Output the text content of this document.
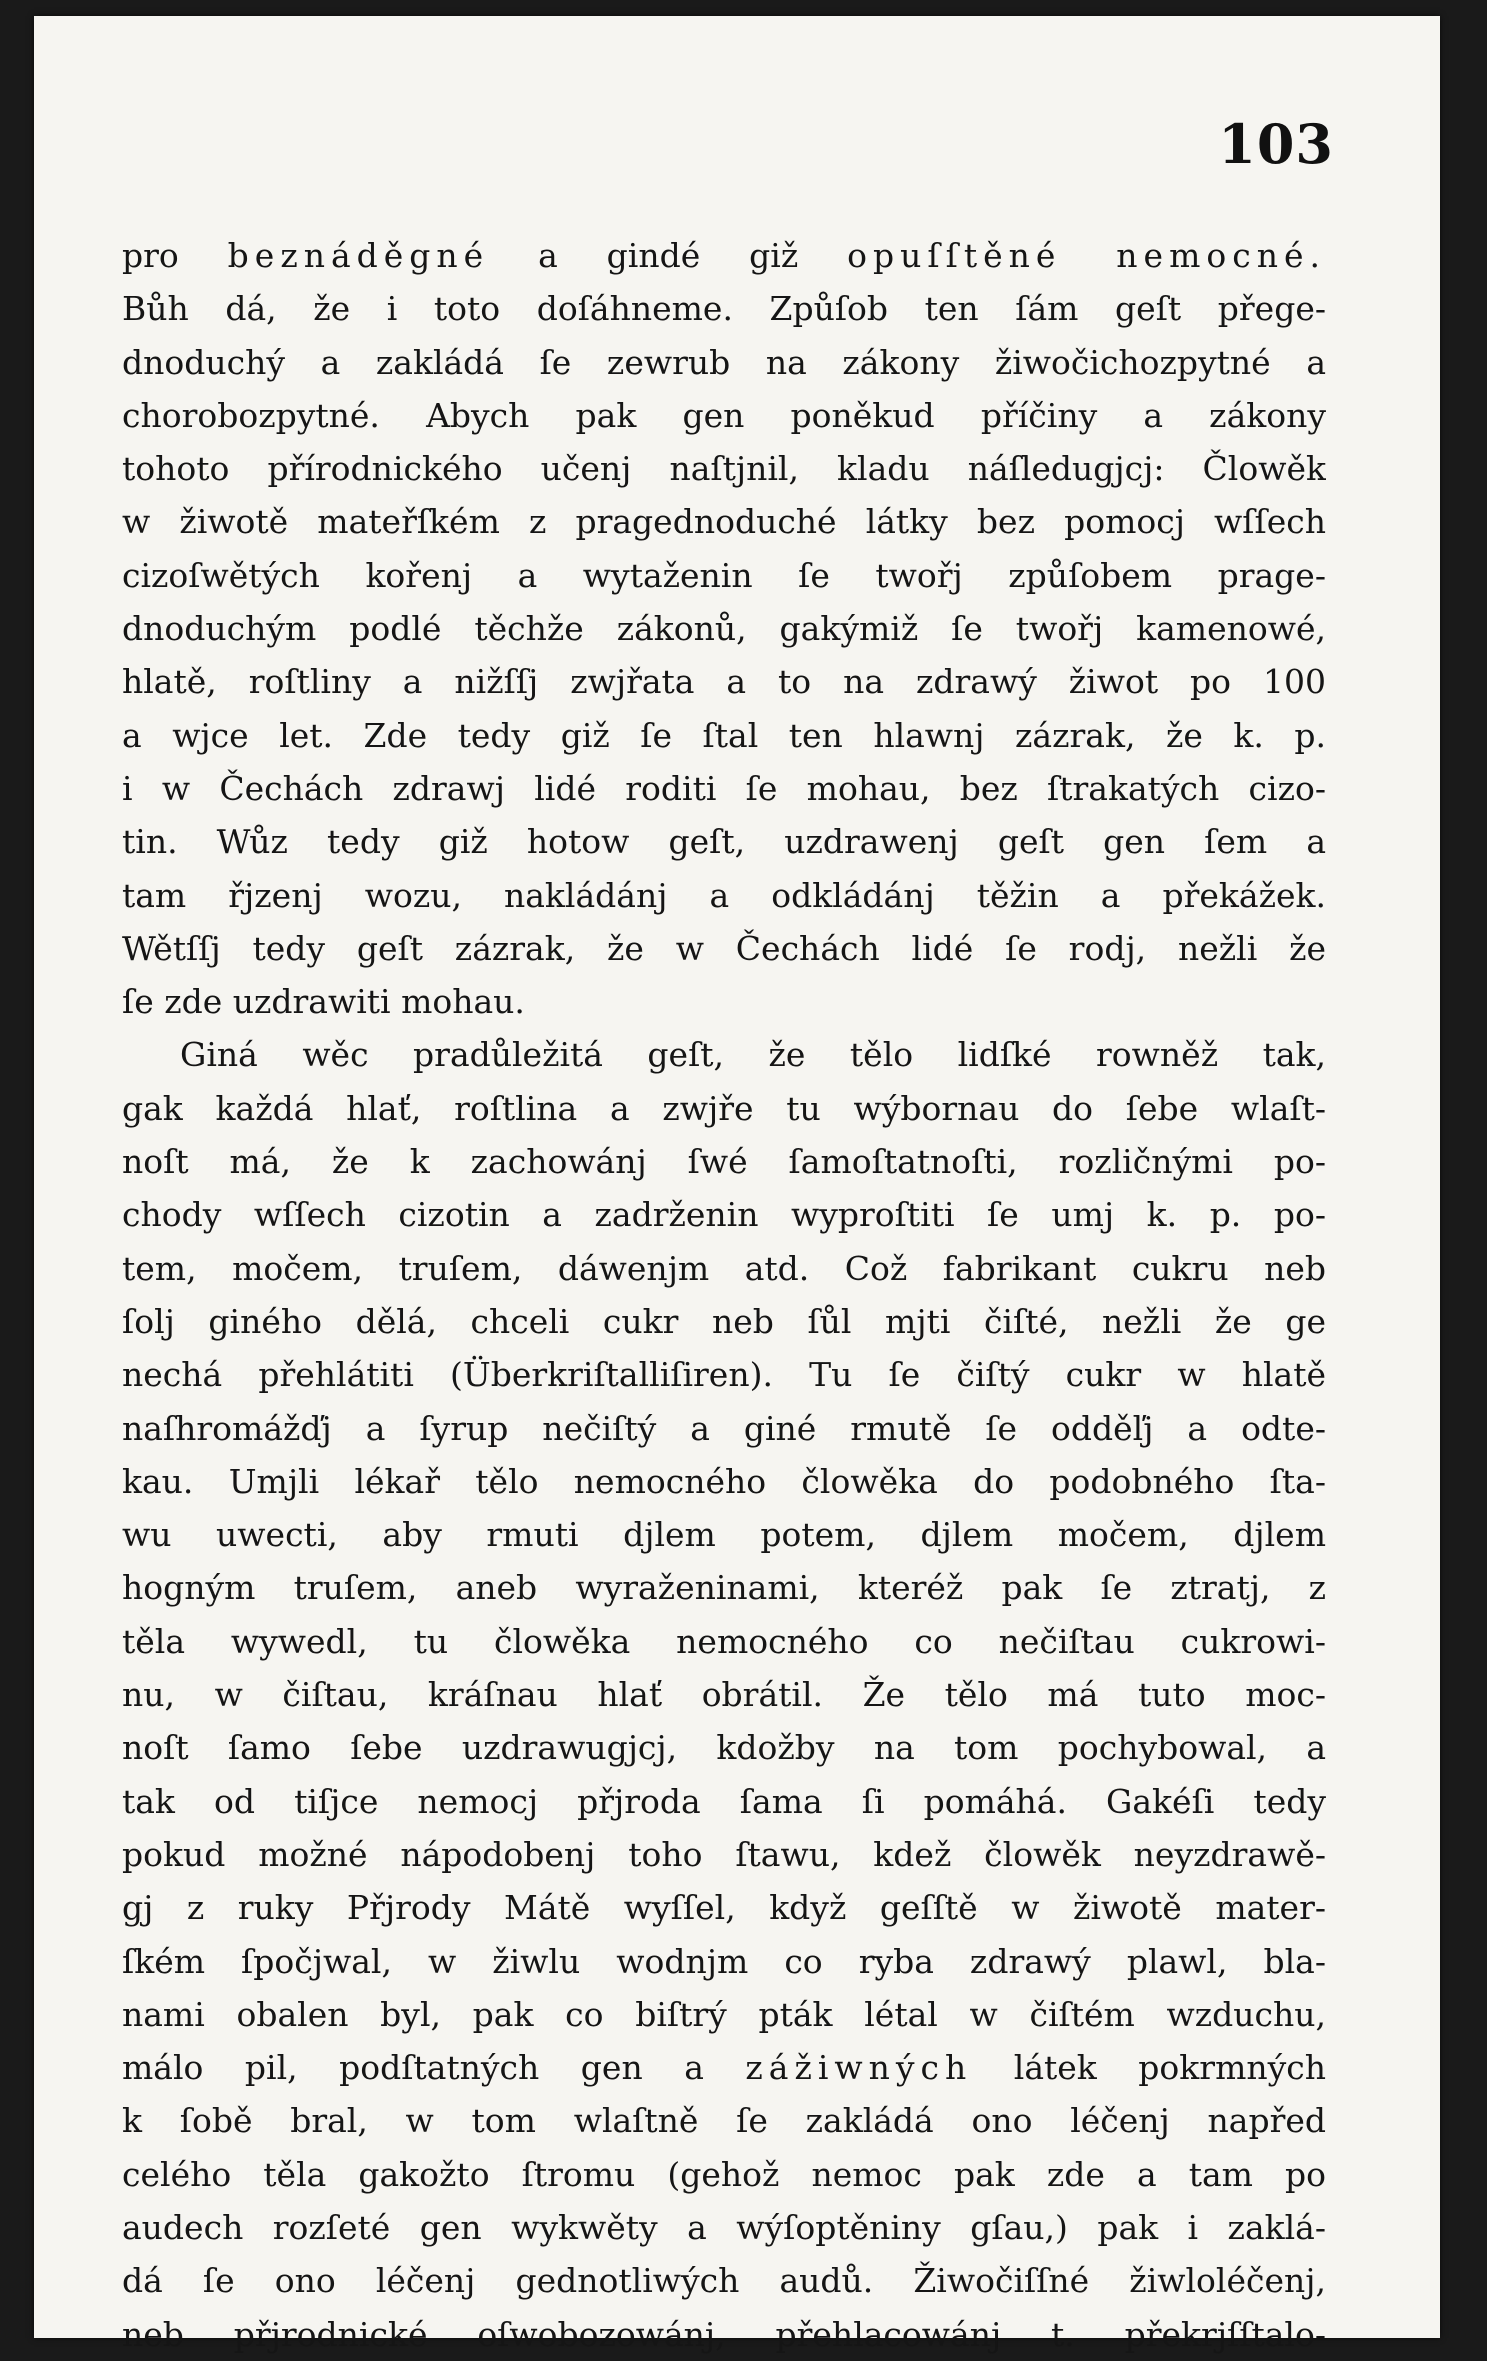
103
pro beznáděgné a gindé giž opuſſtěné nemocné.
Bůh dá, že i toto doſáhneme. Způſob ten ſám geſt přege-
dnoduchý a zakládá ſe zewrub na zákony žiwočichozpytné a
chorobozpytné. Abych pak gen poněkud příčiny a zákony
tohoto přírodnického učenj naſtjnil, kladu náſledugjcj: Člowěk
w žiwotě mateřſkém z pragednoduché látky bez pomocj wſſech
cizoſwětých kořenj a wytaženin ſe twořj způſobem prage-
dnoduchým podlé těchže zákonů, gakýmiž ſe twořj kamenowé,
hlatě, roſtliny a nižſſj zwjřata a to na zdrawý žiwot po 100
a wjce let. Zde tedy giž ſe ſtal ten hlawnj zázrak, že k. p.
i w Čechách zdrawj lidé roditi ſe mohau, bez ſtrakatých cizo-
tin. Wůz tedy giž hotow geſt, uzdrawenj geſt gen ſem a
tam řjzenj wozu, nakládánj a odkládánj těžin a překážek.
Wětſſj tedy geſt zázrak, že w Čechách lidé ſe rodj, nežli že
ſe zde uzdrawiti mohau.
Giná wěc pradůležitá geſt, že tělo lidſké rowněž tak,
gak každá hlať, roſtlina a zwjře tu wýbornau do ſebe wlaſt-
noſt má, že k zachowánj ſwé ſamoſtatnoſti, rozličnými po-
chody wſſech cizotin a zadrženin wyproſtiti ſe umj k. p. po-
tem, močem, truſem, dáwenjm atd. Což fabrikant cukru neb
ſolj giného dělá, chceli cukr neb ſůl mjti čiſté, nežli že ge
nechá přehlátiti (Überkriſtalliſiren). Tu ſe čiſtý cukr w hlatě
naſhromážďj a ſyrup nečiſtý a giné rmutě ſe odděľj a odte-
kau. Umjli lékař tělo nemocného člowěka do podobného ſta-
wu uwecti, aby rmuti djlem potem, djlem močem, djlem
hogným truſem, aneb wyraženinami, kteréž pak ſe ztratj, z
těla wywedl, tu člowěka nemocného co nečiſtau cukrowi-
nu, w čiſtau, kráſnau hlať obrátil. Že tělo má tuto moc-
noſt ſamo ſebe uzdrawugjcj, kdožby na tom pochybowal, a
tak od tiſjce nemocj přjroda ſama ſi pomáhá. Gakéſi tedy
pokud možné nápodobenj toho ſtawu, kdež člowěk neyzdrawě-
gj z ruky Přjrody Mátě wyſſel, když geſſtě w žiwotě mater-
ſkém ſpočjwal, w žiwlu wodnjm co ryba zdrawý plawl, bla-
nami obalen byl, pak co biſtrý pták létal w čiſtém wzduchu,
málo pil, podſtatných gen a zážiwných látek pokrmných
k ſobě bral, w tom wlaſtně ſe zakládá ono léčenj napřed
celého těla gakožto ſtromu (gehož nemoc pak zde a tam po
audech rozſeté gen wykwěty a wýſoptěniny gſau,) pak i zaklá-
dá ſe ono léčenj gednotliwých audů. Žiwočiſſné žiwloléčenj,
neb přjrodnické oſwobozowánj, přehlacowánj t. překrjſſtalo-
